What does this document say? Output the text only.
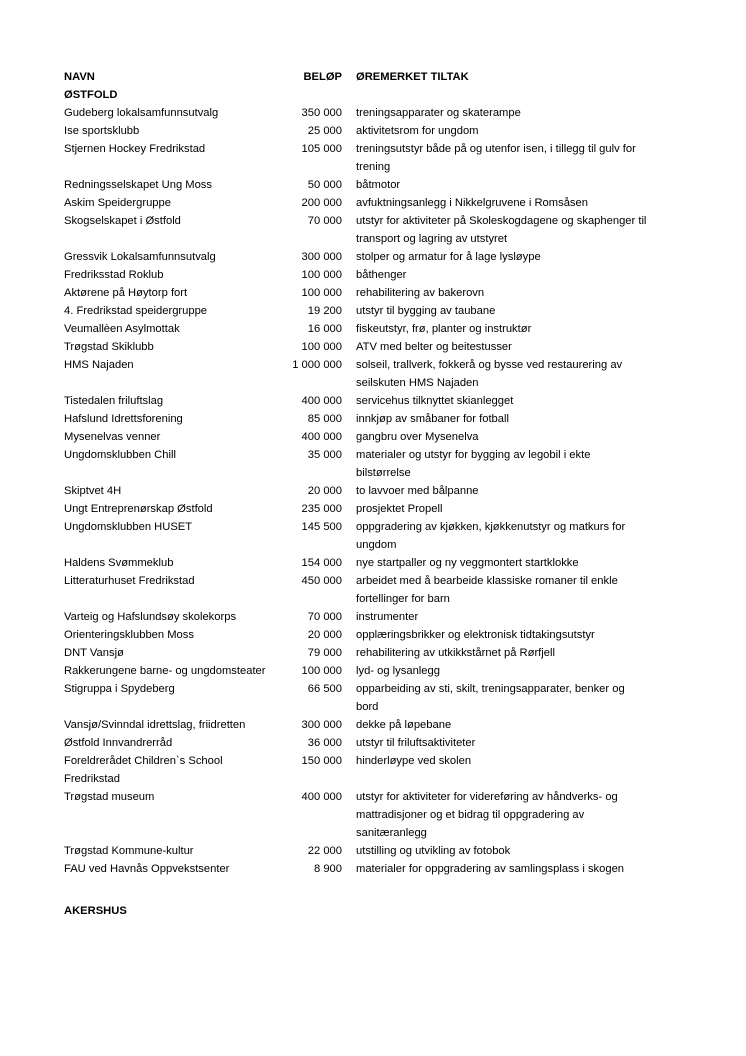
NAVN	BELØP	ØREMERKET TILTAK
ØSTFOLD		
Gudeberg lokalsamfunnsutvalg	350 000	treningsapparater og skaterampe
Ise sportsklubb	25 000	aktivitetsrom for ungdom
Stjernen Hockey Fredrikstad	105 000	treningsutstyr både på og utenfor isen, i tillegg til gulv for trening
Redningsselskapet Ung Moss	50 000	båtmotor
Askim Speidergruppe	200 000	avfuktningsanlegg i Nikkelgruvene i Romsåsen
Skogselskapet i Østfold	70 000	utstyr for aktiviteter på Skoleskogdagene og skaphenger til transport og lagring av utstyret
Gressvik Lokalsamfunnsutvalg	300 000	stolper og armatur for å lage lysløype
Fredriksstad Roklub	100 000	båthenger
Aktørene på Høytorp fort	100 000	rehabilitering av bakerovn
4. Fredrikstad speidergruppe	19 200	utstyr til bygging av taubane
Veumallèen Asylmottak	16 000	fiskeutstyr, frø, planter og instruktør
Trøgstad Skiklubb	100 000	ATV med belter og beitestusser
HMS Najaden	1 000 000	solseil, trallverk, fokkerå og bysse ved restaurering av seilskuten HMS Najaden
Tistedalen friluftslag	400 000	servicehus tilknyttet skianlegget
Hafslund Idrettsforening	85 000	innkjøp av småbaner for fotball
Mysenelvas venner	400 000	gangbru over Mysenelva
Ungdomsklubben Chill	35 000	materialer og utstyr for bygging av legobil i ekte bilstørrelse
Skiptvet 4H	20 000	to lavvoer med bålpanne
Ungt Entreprenørskap Østfold	235 000	prosjektet Propell
Ungdomsklubben HUSET	145 500	oppgradering av kjøkken, kjøkkenutstyr og matkurs for ungdom
Haldens Svømmeklub	154 000	nye startpaller og ny veggmontert startklokke
Litteraturhuset Fredrikstad	450 000	arbeidet med å bearbeide klassiske romaner til enkle fortellinger for barn
Varteig og Hafslundsøy skolekorps	70 000	instrumenter
Orienteringsklubben Moss	20 000	opplæringsbrikker og elektronisk tidtakingsutstyr
DNT Vansjø	79 000	rehabilitering av utkikkstårnet på Rørfjell
Rakkerungene barne- og ungdomsteater	100 000	lyd- og lysanlegg
Stigruppa i Spydeberg	66 500	opparbeiding av sti, skilt, treningsapparater, benker og bord
Vansjø/Svinndal idrettslag, friidretten	300 000	dekke på løpebane
Østfold Innvandrerråd	36 000	utstyr til friluftsaktiviteter
Foreldrerådet Children`s School Fredrikstad	150 000	hinderløype ved skolen
Trøgstad museum	400 000	utstyr for aktiviteter for videreføring av håndverks- og mattradisjoner og et bidrag til oppgradering av sanitæranlegg
Trøgstad Kommune-kultur	22 000	utstilling og utvikling av fotobok
FAU ved Havnås Oppvekstsenter	8 900	materialer for oppgradering av samlingsplass i skogen

AKERSHUS		
